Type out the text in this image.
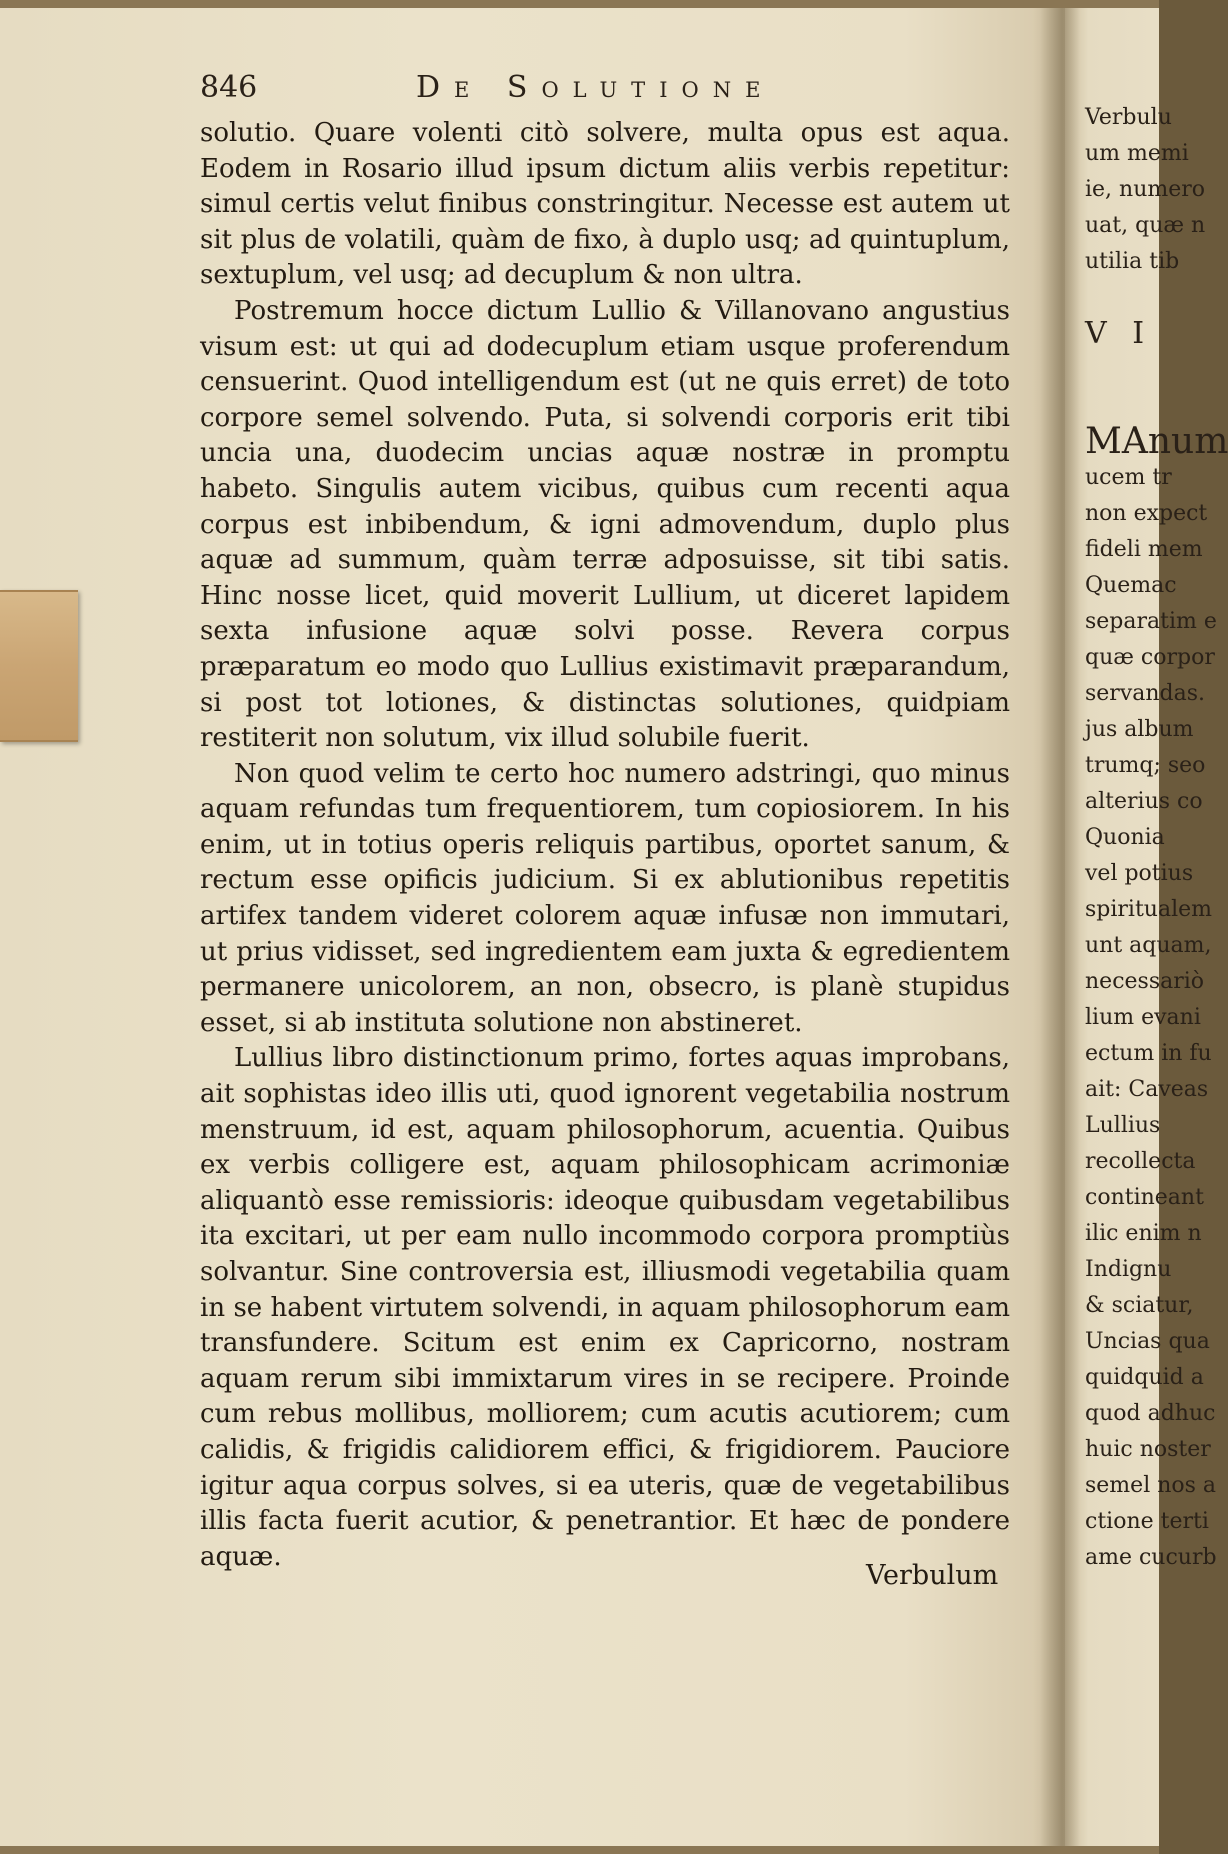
Verbulu
um memi
ie, numero
uat, quæ n
utilia tib
V I
MAnum
ucem tr
non expect
fideli mem
Quemac
separatim e
quæ corpor
servandas.
jus album
trumq; seo
alterius co
Quonia
vel potius
spiritualem
unt aquam,
necessariò
lium evani
ectum in fu
ait: Caveas
Lullius
recollecta
contineant
ilic enim n
Indignu
& sciatur,
Uncias qua
quidquid a
quod adhuc
huic noster
semel nos a
ctione terti
ame cucurb
846	De Solutione

solutio. Quare volenti citò solvere, multa opus est aqua. Eodem in Rosario illud ipsum dictum aliis verbis repetitur: simul certis velut finibus constringitur. Necesse est autem ut sit plus de volatili, quàm de fixo, à duplo usq; ad quintuplum, sextuplum, vel usq; ad decuplum & non ultra.

Postremum hocce dictum Lullio & Villanovano angustius visum est: ut qui ad dodecuplum etiam usque proferendum censuerint. Quod intelligendum est (ut ne quis erret) de toto corpore semel solvendo. Puta, si solvendi corporis erit tibi uncia una, duodecim uncias aquæ nostræ in promptu habeto. Singulis autem vicibus, quibus cum recenti aqua corpus est inbibendum, & igni admovendum, duplo plus aquæ ad summum, quàm terræ adposuisse, sit tibi satis. Hinc nosse licet, quid moverit Lullium, ut diceret lapidem sexta infusione aquæ solvi posse. Revera corpus præparatum eo modo quo Lullius existimavit præparandum, si post tot lotiones, & distinctas solutiones, quidpiam restiterit non solutum, vix illud solubile fuerit.

Non quod velim te certo hoc numero adstringi, quo minus aquam refundas tum frequentiorem, tum copiosiorem. In his enim, ut in totius operis reliquis partibus, oportet sanum, & rectum esse opificis judicium. Si ex ablutionibus repetitis artifex tandem videret colorem aquæ infusæ non immutari, ut prius vidisset, sed ingredientem eam juxta & egredientem permanere unicolorem, an non, obsecro, is planè stupidus esset, si ab instituta solutione non abstineret.

Lullius libro distinctionum primo, fortes aquas improbans, ait sophistas ideo illis uti, quod ignorent vegetabilia nostrum menstruum, id est, aquam philosophorum, acuentia. Quibus ex verbis colligere est, aquam philosophicam acrimoniæ aliquantò esse remissioris: ideoque quibusdam vegetabilibus ita excitari, ut per eam nullo incommodo corpora promptiùs solvantur. Sine controversia est, illiusmodi vegetabilia quam in se habent virtutem solvendi, in aquam philosophorum eam transfundere. Scitum est enim ex Capricorno, nostram aquam rerum sibi immixtarum vires in se recipere. Proinde cum rebus mollibus, molliorem; cum acutis acutiorem; cum calidis, & frigidis calidiorem effici, & frigidiorem. Pauciore igitur aqua corpus solves, si ea uteris, quæ de vegetabilibus illis facta fuerit acutior, & penetrantior. Et hæc de pondere aquæ.

Verbulum
